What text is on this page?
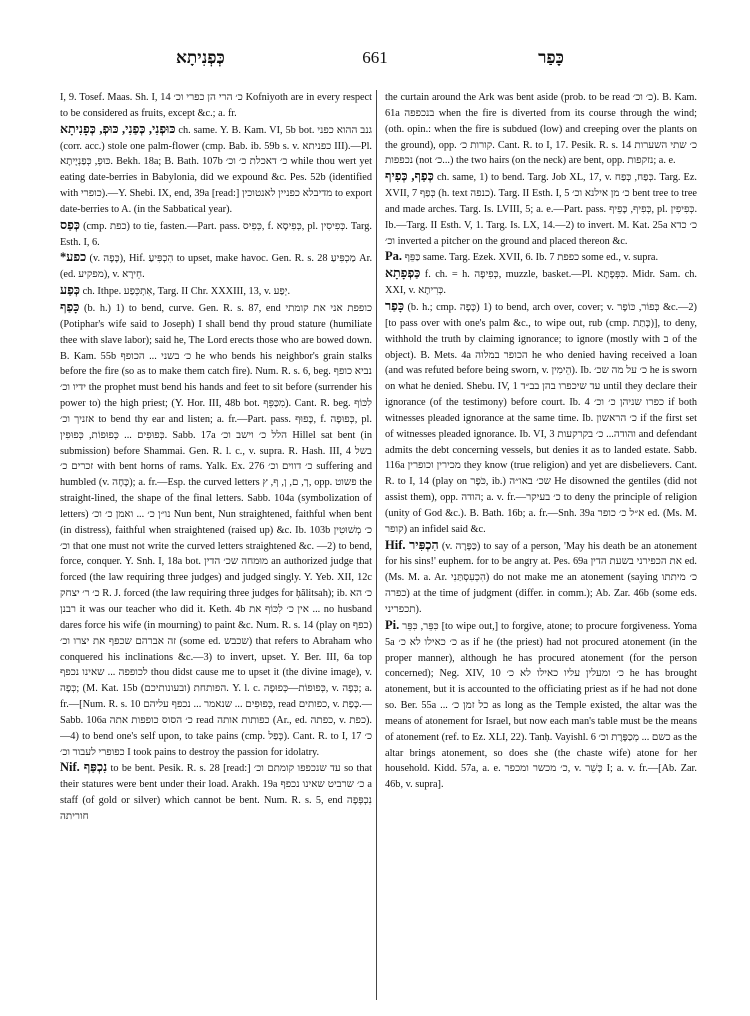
כְּפְנִיתָא	661	כָּפַר

I, 9. Tosef. Maas. Sh. I, 14 כ׳ הרי הן כפרי וכ׳ Kofniyoth are in every respect to be considered as fruits, except &c.; a. fr.

כּוּפְנִי, כְּפַנִי, כּוּפְ, כְּפָנִיתָא ch. same. Y. B. Kam. VI, 5b bot. גנב ההוא כפני (corr. acc.) stole one palm-flower (cmp. Bab. ib. 59b s. v. כפניתא III).—Pl. כּוּפְ, כְּפַנְיָיתָא. Bekh. 18a; B. Bath. 107b כ׳ דאכלת כ׳ וכ׳ while thou wert yet eating date-berries in Babylonia, did we expound &c. Pes. 52b (identified with כופרי).—Y. Shebi. IX, end, 39a [read:] מדיבלא כפניין לאנטוכין to export date-berries to A. (in the Sabbatical year).

כְּפַס (cmp. כפת) to tie, fasten.—Part. pass. כְּפִיס, f. כְּפִיסָא, pl. כְּפִיסִין. Targ. Esth. I, 6.

*כפע (v. כָּפָה), Hif. הִכְפִּיעַ to upset, make havoc. Gen. R. s. 28 מַכְפִּיעַ Ar. (ed. מפקיע), v. חֵירָא.

כְּפַע ch. Ithpe. אִתְכְּפַע, Targ. II Chr. XXXIII, 13, v. יְפַע.

כָּפַף (b. h.) 1) to bend, curve. Gen. R. s. 87, end כופפת אני את קומתי (Potiphar's wife said to Joseph) I shall bend thy proud stature (humiliate thee with slave labor); said he, The Lord erects those who are bowed down. B. Kam. 55b כ׳ בשני ... הכופף he who bends his neighbor's grain stalks before the fire (so as to make them catch fire). Num. R. s. 6, beg. נביא כופף ידיו וכ׳ the prophet must bend his hands and feet to sit before (surrender his power to) the high priest; (Y. Hor. III, 48b bot. מִכַּפֵּף). Cant. R. beg. לִכּוֹף אזניך וכ׳ to bend thy ear and listen; a. fr.—Part. pass. כָּפוּף, f. כְּפוּפָה, pl. כְּפוּפִים ... כְּפוּפוֹת, כְּפוּפִין. Sabb. 17a הלל כ׳ וישב וכ׳ Hillel sat bent (in submission) before Shammai. Gen. R. l. c., v. supra. R. Hash. III, 4 בשל זכרים כ׳ with bent horns of rams. Yalk. Ex. 276 כ׳ דווים וכ׳ suffering and humbled (v. כָּחָה); a. fr.—Esp. the curved letters ך, ם, ן, ף, ץ, opp. פשוט the straight-lined, the shape of the final letters. Sabb. 104a (symbolization of letters) נו״ן כ׳ ... ואמן כ׳ וכ׳ Nun bent, Nun straightened, faithful when bent (in distress), faithful when straightened (raised up) &c. Ib. 103b כ׳ מְשׁוּטִין וכ׳ that one must not write the curved letters straightened &c. —2) to bend, force, conquer. Y. Snh. I, 18a bot. מוּמחה שכ׳ הדין an authorized judge that forced (the law requiring three judges) and judged singly. Y. Yeb. XII, 12c כ׳ ר׳ יצחק R. J. forced (the law requiring three judges for ḥălitsah); ib. כ׳ הא רבנן it was our teacher who did it. Keth. 4b אין כ׳ לִכּוֹף את ... no husband dares force his wife (in mourning) to paint &c. Num. R. s. 14 (play on כפף) זה אברהם שכפף את יצרו וכ׳ (some ed. שכבש) that refers to Abraham who conquered his inclinations &c.—3) to invert, upset. Y. Ber. III, 6a top לכופפה ... שאינו נכפף thou didst cause me to upset it (the divine image), v. כְּפָה; (M. Kat. 15b הפותחת (ובעונותיכם). Y. l. c. כְּפוּפוֹת—כְּפוּפָה, v. כְּפָה; a. fr.—[Num. R. s. 10 כְּפוּפִים ... שנאמר ... נכפף עליהם, read כפותים, v. כָּפַת.—Sabb. 106a כ׳ הסוס כופפות אתה read כפותות אותה (Ar., ed. כפתה, v. כפת).—4) to bend one's self upon, to take pains (cmp. כָּפַל). Cant. R. to I, 17 כ׳ כפופרי לעבור וכ׳ I took pains to destroy the passion for idolatry.

Nif. נִכְפַּף to be bent. Pesik. R. s. 28 [read:] עד שנכפפו קומתם וכ׳ so that their statures were bent under their load. Arakh. 19a כ׳ שרביט שאינו נכפף a staff (of gold or silver) which cannot be bent. Num. R. s. 5, end נִכְפְּפָה חוריתה

the curtain around the Ark was bent aside (prob. to be read כ׳ וכ׳). B. Kam. 61a בנכפפה when the fire is diverted from its course through the wind; (oth. opin.: when the fire is subdued (low) and creeping over the plants on the ground), opp. קורות כ׳. Cant. R. to I, 17. Pesik. R. s. 14 כ׳ שתי השערות נכפפות (not כ׳...) the two hairs (on the neck) are bent, opp. נזקפות; a. e.

כְּפַף, כְּפִיף ch. same, 1) to bend. Targ. Job XL, 17, v. כְּפַח, כְּפַח. Targ. Ez. XVII, 7 כְּפַף (h. text כנפה). Targ. II Esth. I, 5 כ׳ מן אילנא וכ׳ bent tree to tree and made arches. Targ. Is. LVIII, 5; a. e.—Part. pass. כְּפִיף, כָּפֵיף, pl. כְּפִיפִין. Ib.—Targ. II Esth. V, 1. Targ. Is. LX, 14.—2) to invert. M. Kat. 25a כ׳ כדא וכ׳ inverted a pitcher on the ground and placed thereon &c.

Pa. כַּפֵּף same. Targ. Ezek. XVII, 6. Ib. 7 כפפת some ed., v. supra.

כַּפְפָתָא f. ch. = h. כְּפִיפָה, muzzle, basket.—Pl. כִּפְּפָתָא. Midr. Sam. ch. XXI, v. כְּרִיתָא.

כָּפַר (b. h.; cmp. כָּפָה) 1) to bend, arch over, cover; v. כְּפוֹר, כּוֹפֶר &c.—2) [to pass over with one's palm &c., to wipe out, rub (cmp. כָּתַת)], to deny, withhold the truth by claiming ignorance; to ignore (mostly with ב of the object). B. Mets. 4a הכופר במלוה he who denied having received a loan (and was refuted before being sworn, v. הֵימִין). Ib. כ׳ על מה שכ׳ he is sworn on what he denied. Shebu. IV, 1 עד שיכפרו בהן בב״ד until they declare their ignorance (of the testimony) before court. Ib. 4 כפרו שניהן כ׳ וכ׳ if both witnesses pleaded ignorance at the same time. Ib. כ׳ הראשון if the first set of witnesses pleaded ignorance. Ib. VI, 3 והודה... כ׳ בקרקעות and defendant admits the debt concerning vessels, but denies it as to landed estate. Sabb. 116a מכירין וכופרין they know (true religion) and yet are disbelievers. Cant. R. to I, 14 (play on כֹּפֶר, ib.) שכ׳ באו״ה He disowned the gentiles (did not assist them), opp. הודה; a. v. fr.—כ׳ בעיקר to deny the principle of religion (unity of God &c.). B. Bath. 16b; a. fr.—Snh. 39a א״ל כ׳ כופר ed. (Ms. M. קופר) an infidel said &c.

Hif. הִכְפִּיר (v. כַּפָּרָה) to say of a person, 'May his death be an atonement for his sins!' euphem. for to be angry at. Pes. 69a את הכפירני בשעת הדין ed. (Ms. M. a. Ar. הִכְעִסְתַּנִי) do not make me an atonement (saying כ׳ מיתתו כפרה) at the time of judgment (differ. in comm.); Ab. Zar. 46b (some eds. תכפריני).

Pi. כִּפֵּר, כִּפֵּר [to wipe out,] to forgive, atone; to procure forgiveness. Yoma 5a כ׳ כאילו לא כ׳ as if he (the priest) had not procured atonement (in the proper manner), although he has procured atonement (for the person concerned); Neg. XIV, 10 כ׳ ומעלין עליו כאילו לא כ׳ he has brought atonement, but it is accounted to the officiating priest as if he had not done so. Ber. 55a ... כל זמן כ׳ as long as the Temple existed, the altar was the means of atonement for Israel, but now each man's table must be the means of atonement (ref. to Ez. XLI, 22). Tanḥ. Vayishl. 6 כשם ... מְכַפֶּרֶת וכ׳ as the altar brings atonement, so does she (the chaste wife) atone for her household. Kidd. 57a, a. e. כ׳ מכשר ומכפר, v. כָּשֵׁר I; a. v. fr.—[Ab. Zar. 46b, v. supra].
